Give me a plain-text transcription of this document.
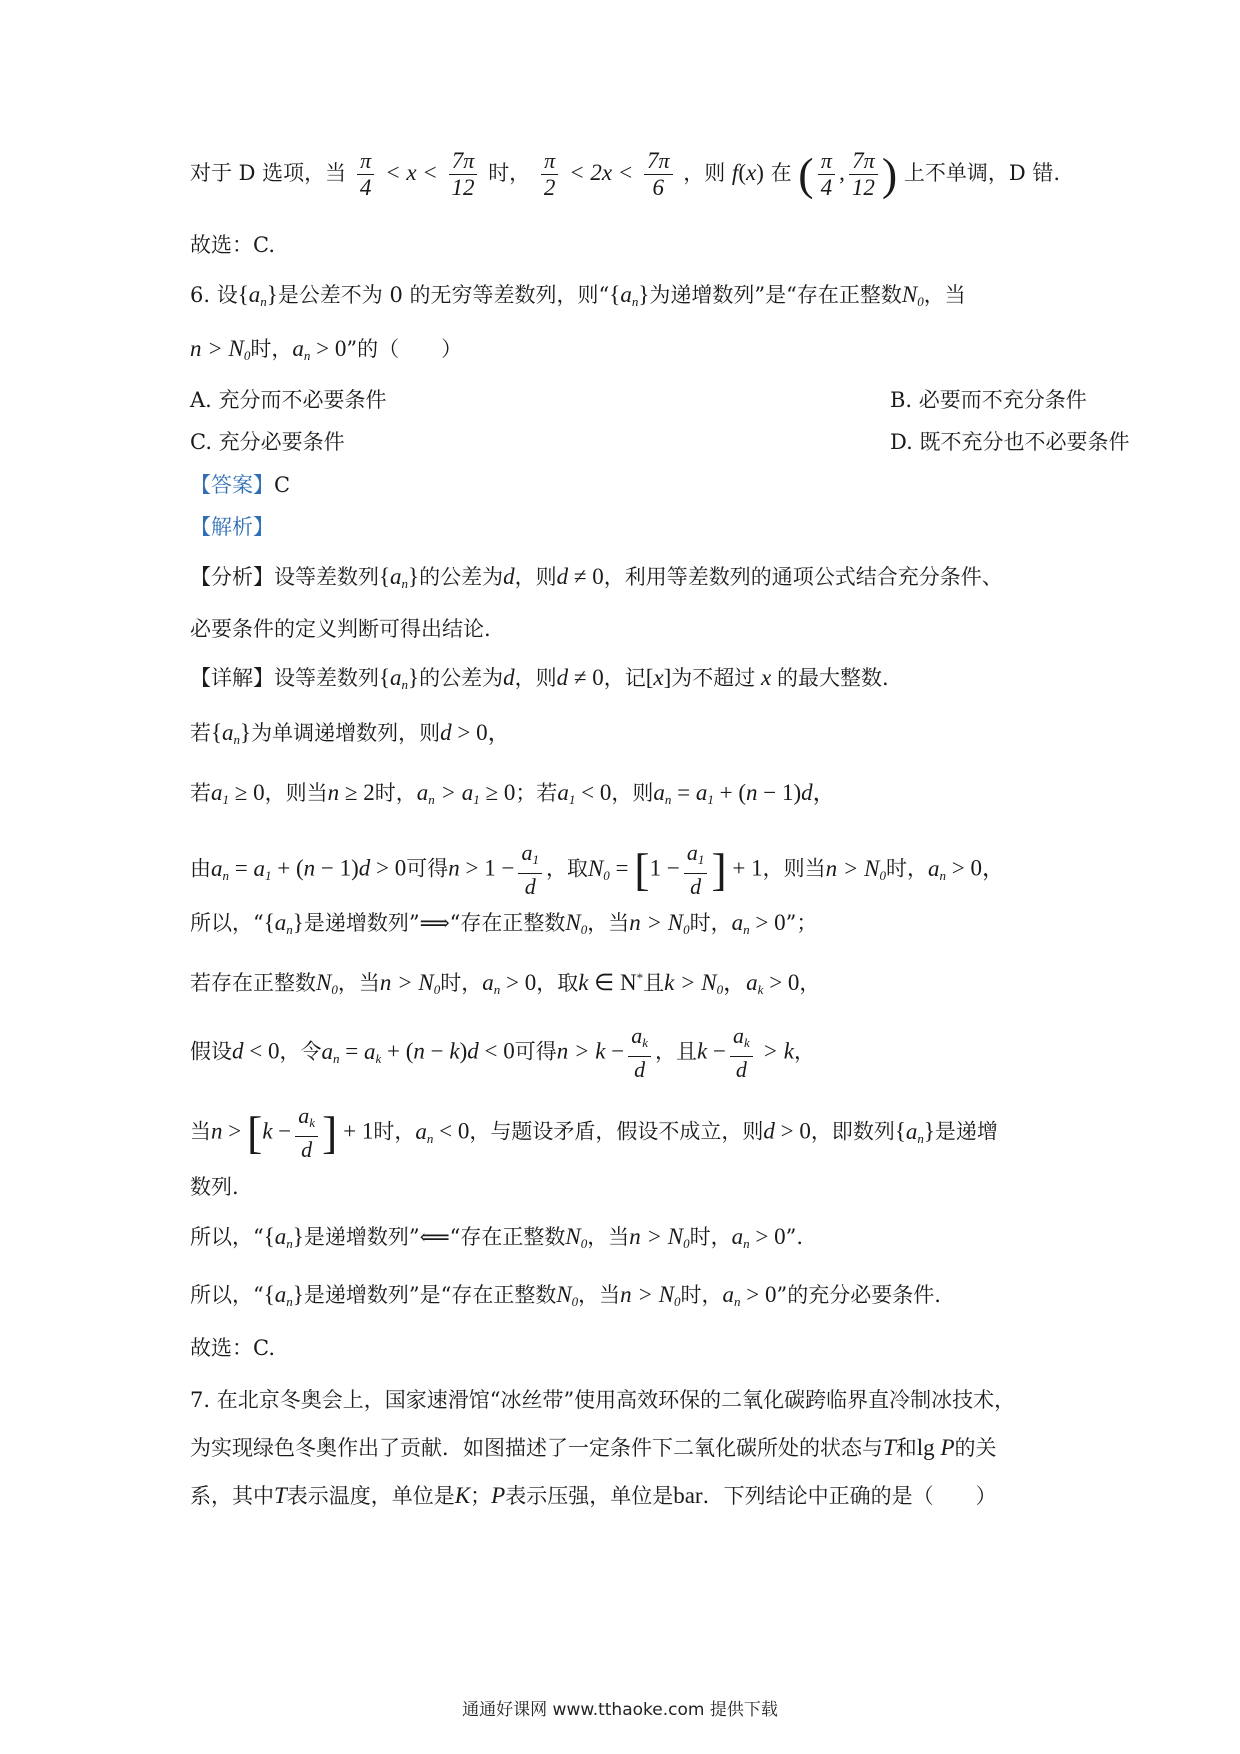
对于 D 选项，当 $\frac{\pi}{4} < x < \frac{7\pi}{12}$ 时， $\frac{\pi}{2} < 2x < \frac{7\pi}{6}$ ，则 f(x) 在 ( $\frac{\pi}{4}$ , $\frac{7\pi}{12}$ ) 上不单调，D 错.
故选：C.
6. 设$\{a_n\}$是公差不为 0 的无穷等差数列，则“$\{a_n\}$为递增数列”是“存在正整数$N_0$，当
$n > N_0$时，$a_n > 0$”的（　　）
A. 充分而不必要条件	B. 必要而不充分条件
C. 充分必要条件	D. 既不充分也不必要条件
【答案】C
【解析】
【分析】设等差数列$\{a_n\}$的公差为d，则d ≠ 0，利用等差数列的通项公式结合充分条件、
必要条件的定义判断可得出结论.
【详解】设等差数列$\{a_n\}$的公差为d，则d ≠ 0，记[x]为不超过 x 的最大整数.
若$\{a_n\}$为单调递增数列，则d > 0，
若$a_1 \ge 0$，则当n ≥ 2时，$a_n > a_1 \ge 0$；若$a_1 < 0$，则$a_n = a_1 + (n - 1)d$，
由$a_n = a_1 + (n - 1)d > 0$可得$n > 1 - \frac{a_1}{d}$ ，取$N_0 = [1 - \frac{a_1}{d}$ ] + 1，则当$n > N_0$时，$a_n > 0$，
所以，“$\{a_n\}$是递增数列”⟹“存在正整数$N_0$，当$n > N_0$时，$a_n > 0$”；
若存在正整数$N_0$，当$n > N_0$时，$a_n > 0$，取k ∈ N*且$k > N_0$，$a_k > 0$，
假设d < 0，令$a_n = a_k + (n - k)d < 0$可得$n > k - \frac{a_k}{d}$ ，且$k - \frac{a_k}{d} > k$，
当$n > [k - \frac{a_k}{d}$ ] + 1时，$a_n < 0$，与题设矛盾，假设不成立，则d > 0，即数列$\{a_n\}$是递增
数列.
所以，“$\{a_n\}$是递增数列”⟸“存在正整数$N_0$，当$n > N_0$时，$a_n > 0$”.
所以，“$\{a_n\}$是递增数列”是“存在正整数$N_0$，当$n > N_0$时，$a_n > 0$”的充分必要条件.
故选：C.
7. 在北京冬奥会上，国家速滑馆“冰丝带”使用高效环保的二氧化碳跨临界直冷制冰技术，
为实现绿色冬奥作出了贡献．如图描述了一定条件下二氧化碳所处的状态与T和lg P的关
系，其中T表示温度，单位是K；P表示压强，单位是bar．下列结论中正确的是（　　）
通通好课网 www.tthaoke.com 提供下载
